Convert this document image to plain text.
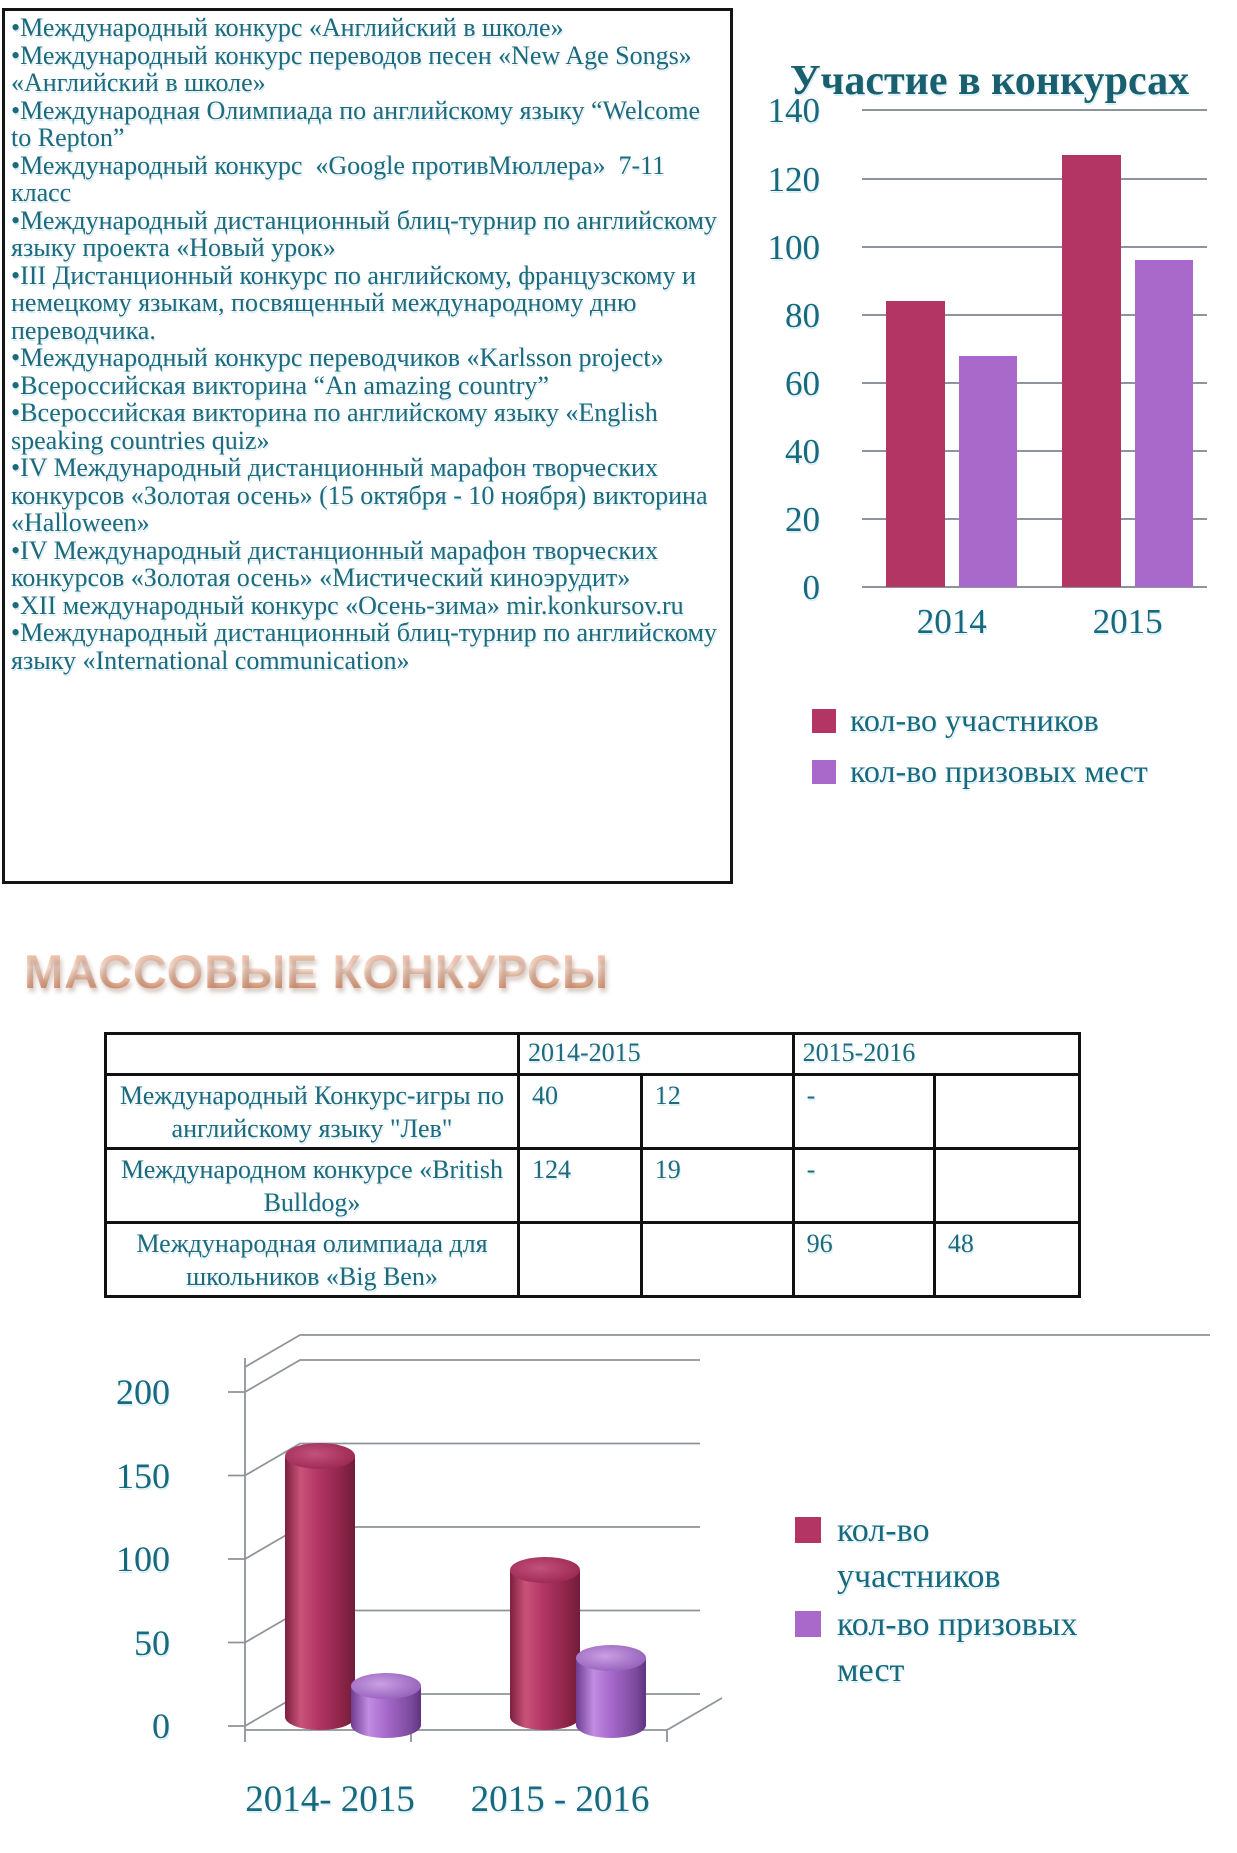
•Международный конкурс «Английский в школе»
•Международный конкурс переводов песен «New Age Songs»    «Английский в школе»
•Международная Олимпиада по английскому языку “Welcome to Repton”
•Международный конкурс  «Google противМюллера»  7-11 класс
•Международный дистанционный блиц-турнир по английскому языку проекта «Новый урок»
•III Дистанционный конкурс по английскому, французскому и  немецкому языкам, посвященный международному дню переводчика.
•Международный конкурс переводчиков «Karlsson project»
•Всероссийская викторина “An amazing country”
•Всероссийская викторина по английскому языку «English speaking countries quiz»
•IV Международный дистанционный марафон творческих конкурсов «Золотая осень» (15 октября - 10 ноября) викторина «Halloween»
•IV Международный дистанционный марафон творческих конкурсов «Золотая осень» «Мистический киноэрудит»
•XII международный конкурс «Осень-зима» mir.konkursov.ru
•Международный дистанционный блиц-турнир по английскому языку «International communication»
Участие в конкурсах
140
120
100
80
60
40
20
0
2014	2015
кол-во участников
кол-во призовых мест
МАССОВЫЕ КОНКУРСЫ
	2014-2015		2015-2016	
Международный Конкурс-игры по английскому языку "Лев"	40	12	-	
Международном конкурсе «British Bulldog»	124	19	-	
Международная олимпиада для школьников «Big Ben»			96	48
200
150
100
50
0
2014- 2015 2015 - 2016
кол-во участников
кол-во призовых мест
